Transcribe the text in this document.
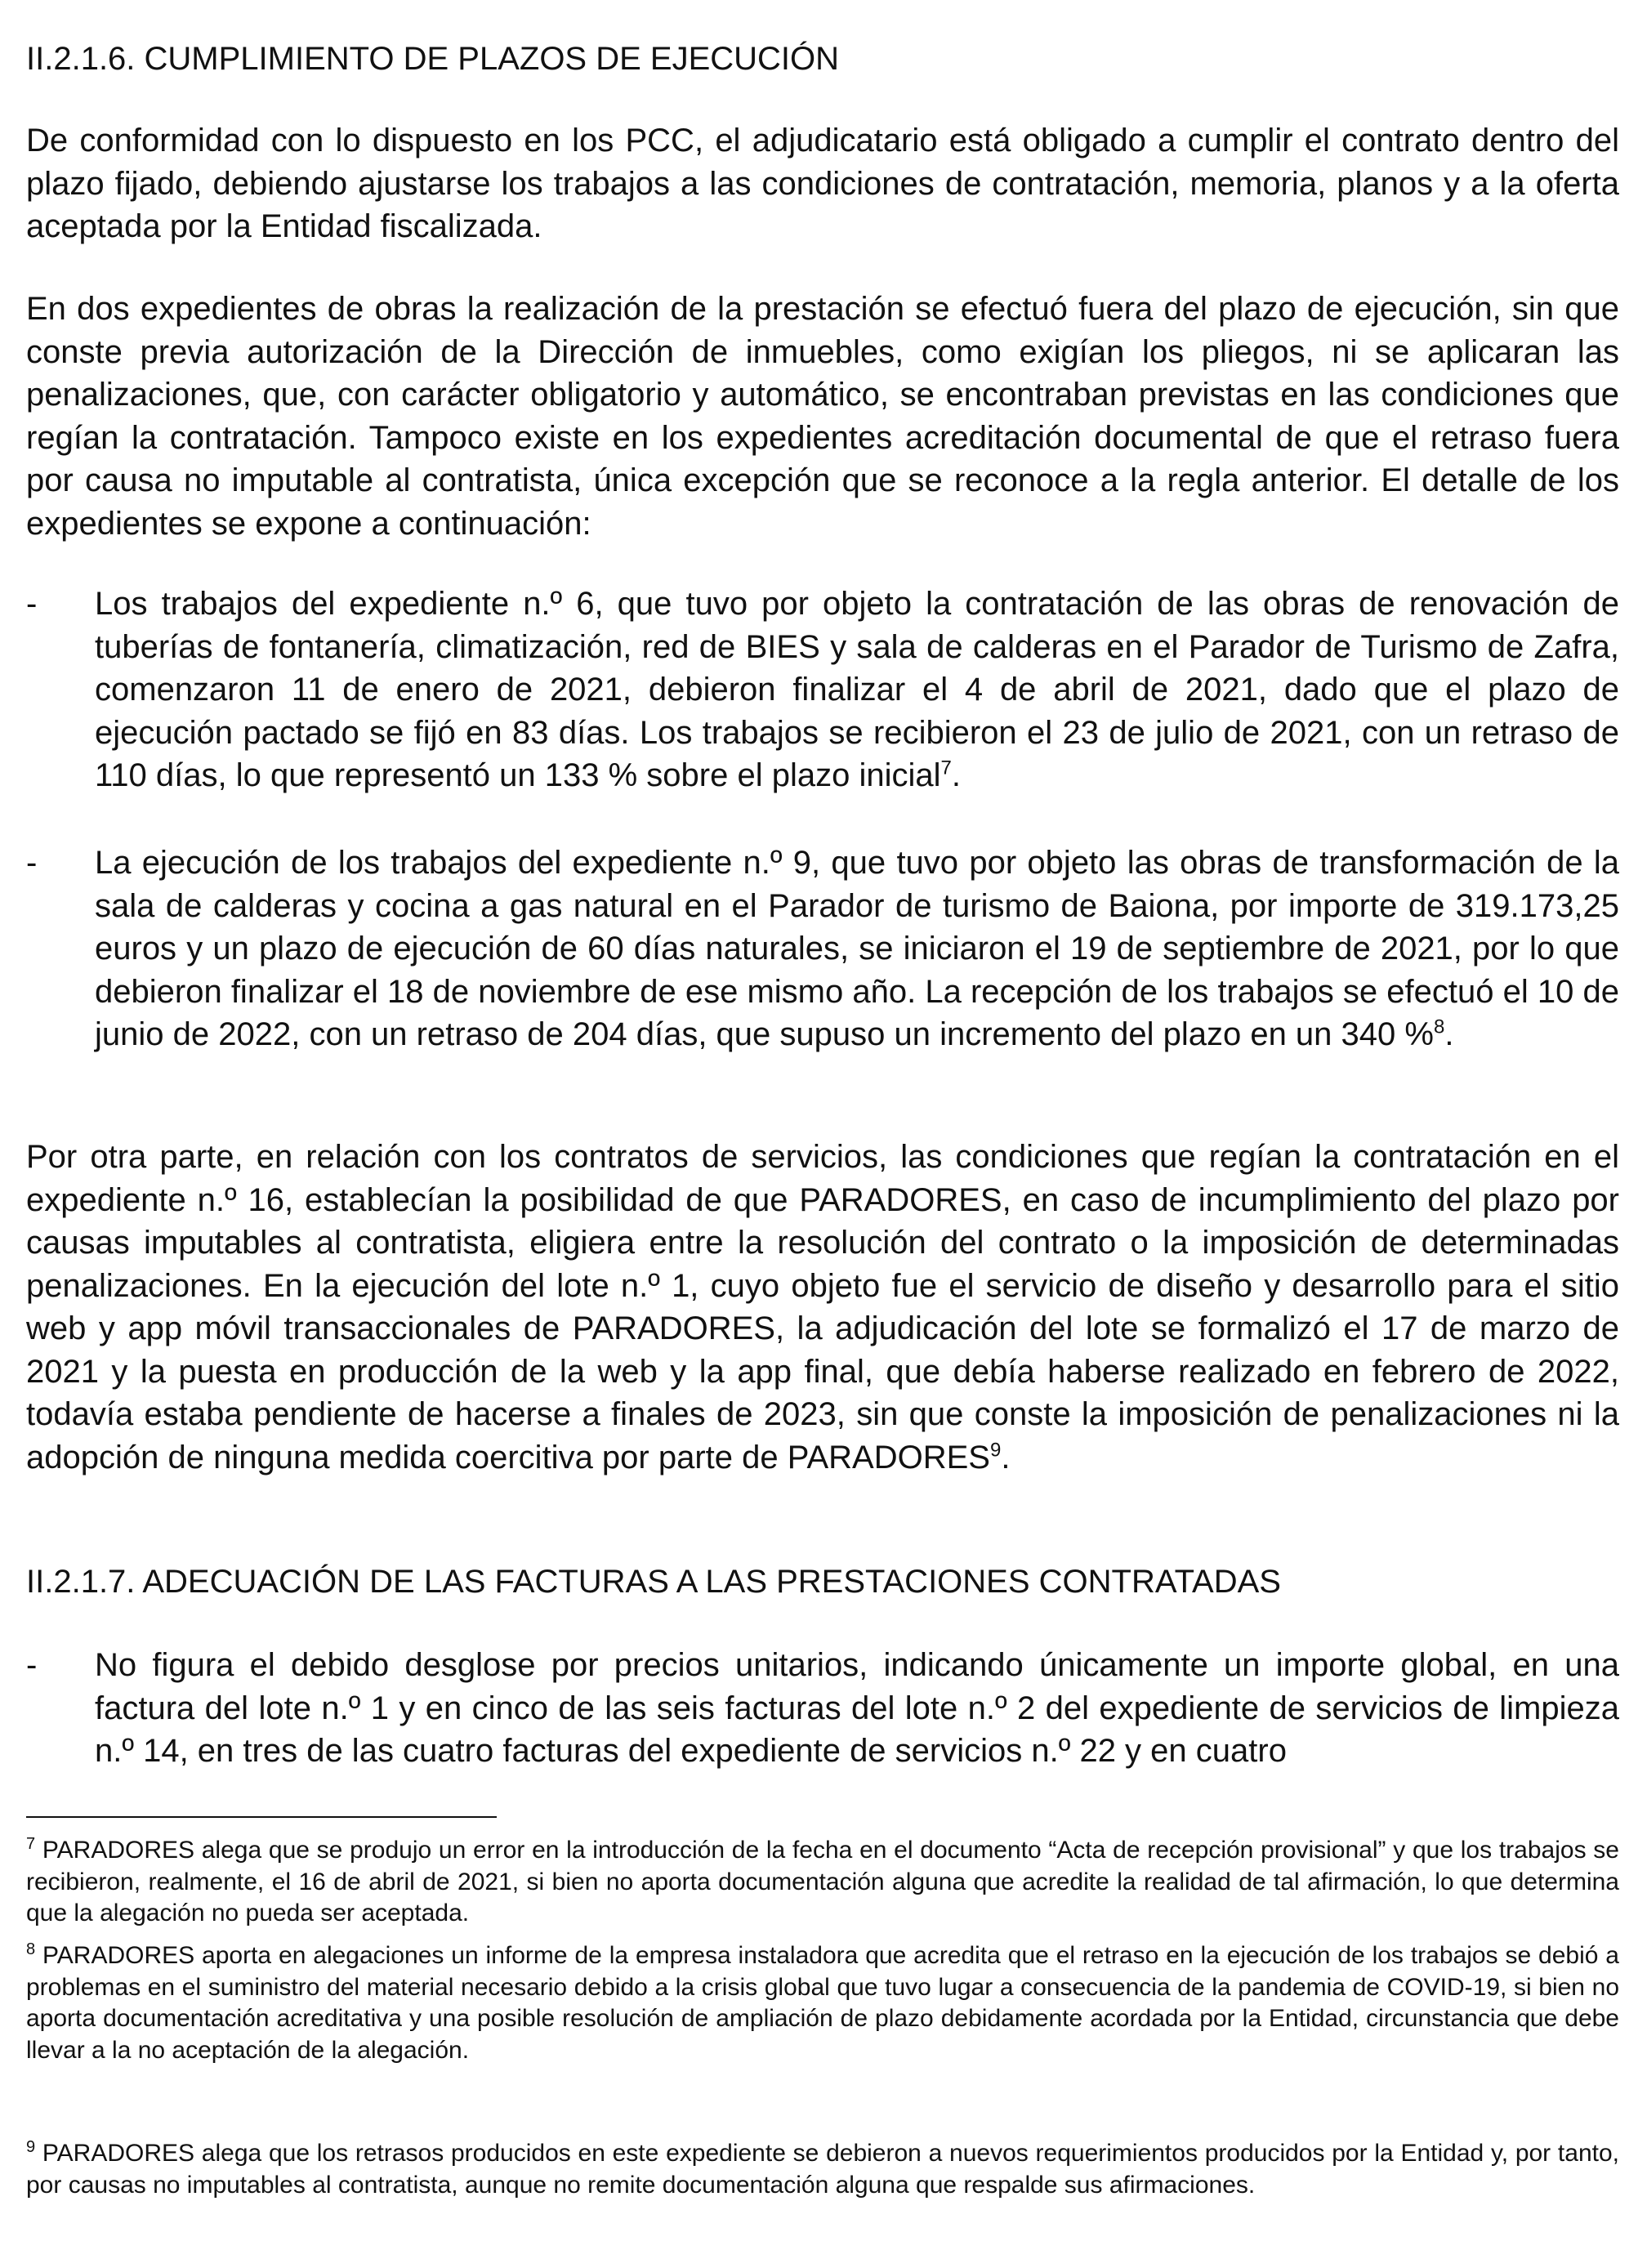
II.2.1.6. CUMPLIMIENTO DE PLAZOS DE EJECUCIÓN

De conformidad con lo dispuesto en los PCC, el adjudicatario está obligado a cumplir el contrato dentro del plazo fijado, debiendo ajustarse los trabajos a las condiciones de contratación, memoria, planos y a la oferta aceptada por la Entidad fiscalizada.

En dos expedientes de obras la realización de la prestación se efectuó fuera del plazo de ejecución, sin que conste previa autorización de la Dirección de inmuebles, como exigían los pliegos, ni se aplicaran las penalizaciones, que, con carácter obligatorio y automático, se encontraban previstas en las condiciones que regían la contratación. Tampoco existe en los expedientes acreditación documental de que el retraso fuera por causa no imputable al contratista, única excepción que se reconoce a la regla anterior. El detalle de los expedientes se expone a continuación:

- Los trabajos del expediente n.º 6, que tuvo por objeto la contratación de las obras de renovación de tuberías de fontanería, climatización, red de BIES y sala de calderas en el Parador de Turismo de Zafra, comenzaron 11 de enero de 2021, debieron finalizar el 4 de abril de 2021, dado que el plazo de ejecución pactado se fijó en 83 días. Los trabajos se recibieron el 23 de julio de 2021, con un retraso de 110 días, lo que representó un 133 % sobre el plazo inicial$^7$.

- La ejecución de los trabajos del expediente n.º 9, que tuvo por objeto las obras de transformación de la sala de calderas y cocina a gas natural en el Parador de turismo de Baiona, por importe de 319.173,25 euros y un plazo de ejecución de 60 días naturales, se iniciaron el 19 de septiembre de 2021, por lo que debieron finalizar el 18 de noviembre de ese mismo año. La recepción de los trabajos se efectuó el 10 de junio de 2022, con un retraso de 204 días, que supuso un incremento del plazo en un 340 %$^8$.

Por otra parte, en relación con los contratos de servicios, las condiciones que regían la contratación en el expediente n.º 16, establecían la posibilidad de que PARADORES, en caso de incumplimiento del plazo por causas imputables al contratista, eligiera entre la resolución del contrato o la imposición de determinadas penalizaciones. En la ejecución del lote n.º 1, cuyo objeto fue el servicio de diseño y desarrollo para el sitio web y app móvil transaccionales de PARADORES, la adjudicación del lote se formalizó el 17 de marzo de 2021 y la puesta en producción de la web y la app final, que debía haberse realizado en febrero de 2022, todavía estaba pendiente de hacerse a finales de 2023, sin que conste la imposición de penalizaciones ni la adopción de ninguna medida coercitiva por parte de PARADORES$^9$.

II.2.1.7. ADECUACIÓN DE LAS FACTURAS A LAS PRESTACIONES CONTRATADAS
- No figura el debido desglose por precios unitarios, indicando únicamente un importe global, en una factura del lote n.º 1 y en cinco de las seis facturas del lote n.º 2 del expediente de servicios de limpieza n.º 14, en tres de las cuatro facturas del expediente de servicios n.º 22 y en cuatro

$^7$ PARADORES alega que se produjo un error en la introducción de la fecha en el documento “Acta de recepción provisional” y que los trabajos se recibieron, realmente, el 16 de abril de 2021, si bien no aporta documentación alguna que acredite la realidad de tal afirmación, lo que determina que la alegación no pueda ser aceptada.

$^8$ PARADORES aporta en alegaciones un informe de la empresa instaladora que acredita que el retraso en la ejecución de los trabajos se debió a problemas en el suministro del material necesario debido a la crisis global que tuvo lugar a consecuencia de la pandemia de COVID-19, si bien no aporta documentación acreditativa y una posible resolución de ampliación de plazo debidamente acordada por la Entidad, circunstancia que debe llevar a la no aceptación de la alegación.

$^9$ PARADORES alega que los retrasos producidos en este expediente se debieron a nuevos requerimientos producidos por la Entidad y, por tanto, por causas no imputables al contratista, aunque no remite documentación alguna que respalde sus afirmaciones.
